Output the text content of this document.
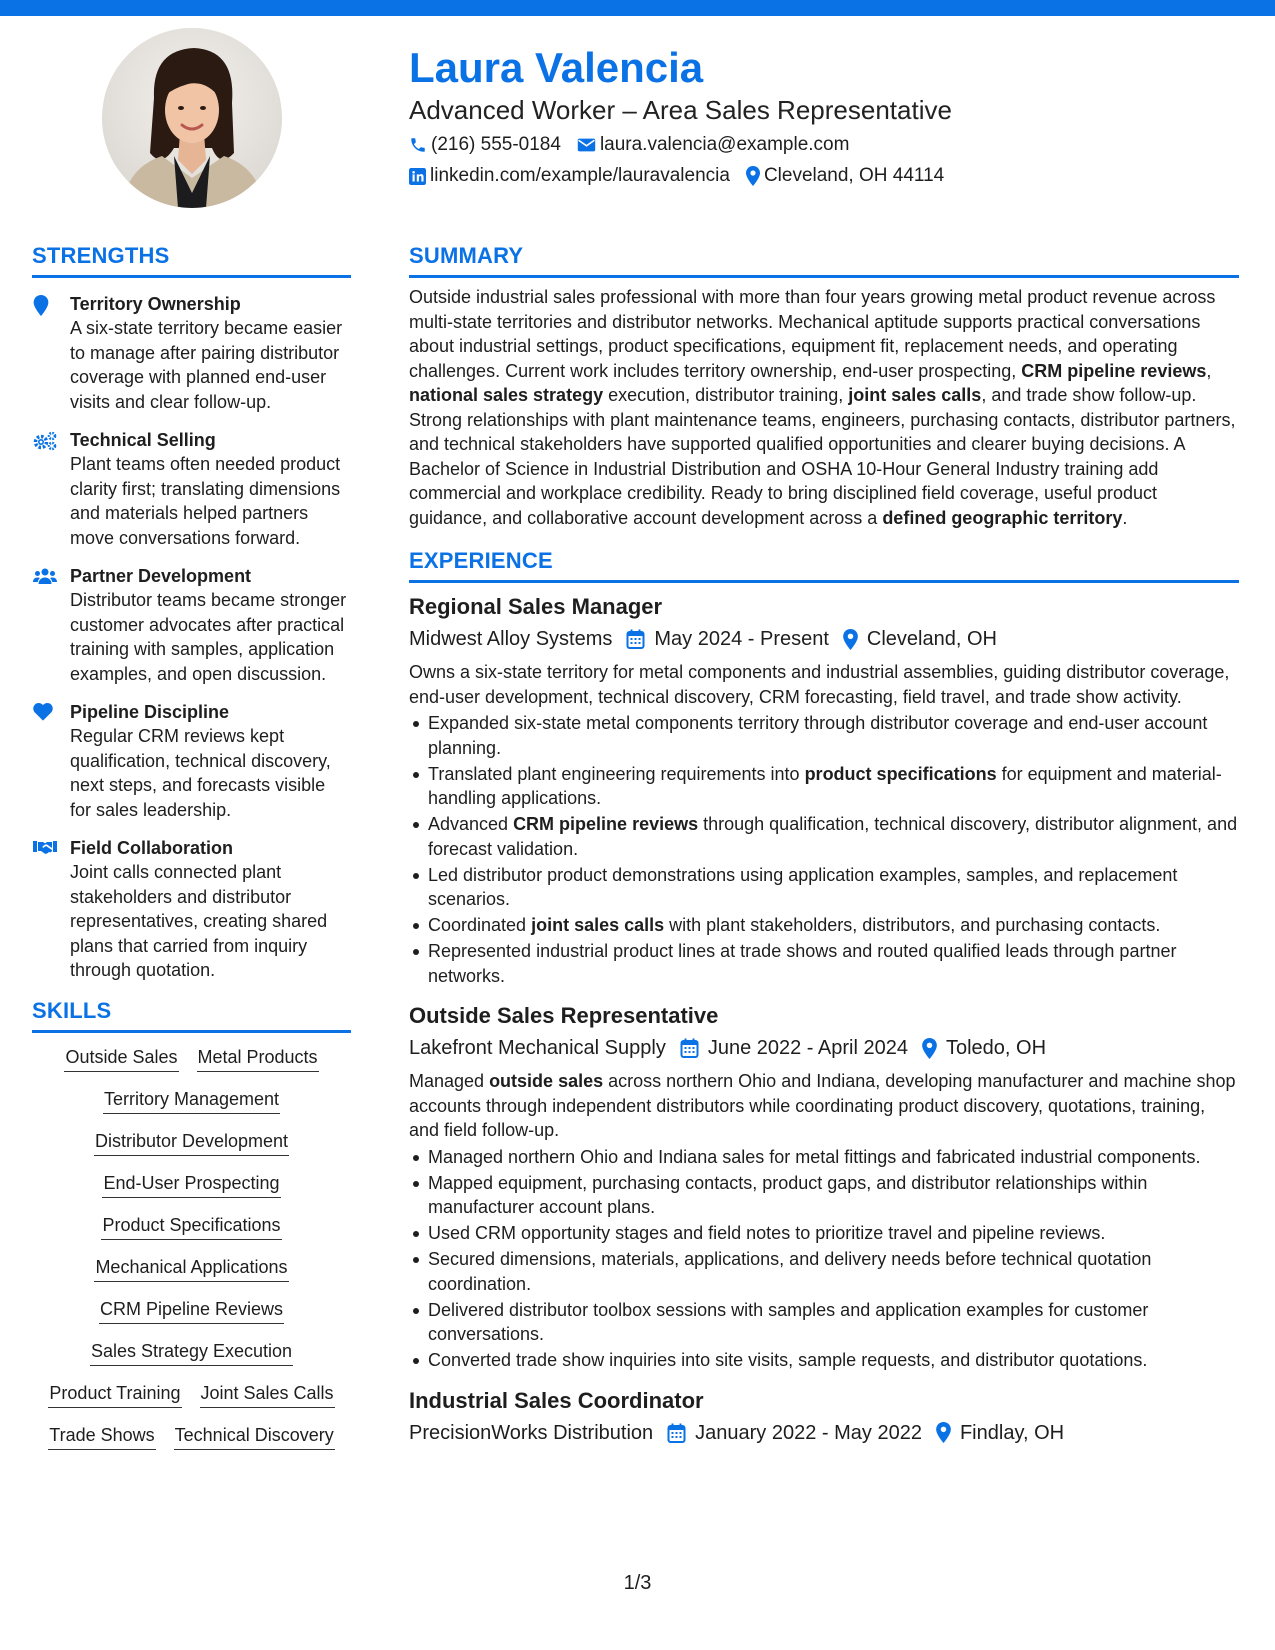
Laura Valencia
Advanced Worker – Area Sales Representative
(216) 555-0184 laura.valencia@example.com
linkedin.com/example/lauravalencia Cleveland, OH 44114
STRENGTHS
Territory Ownership
A six-state territory became easier to manage after pairing distributor coverage with planned end-user visits and clear follow-up.
Technical Selling
Plant teams often needed product clarity first; translating dimensions and materials helped partners move conversations forward.
Partner Development
Distributor teams became stronger customer advocates after practical training with samples, application examples, and open discussion.
Pipeline Discipline
Regular CRM reviews kept qualification, technical discovery, next steps, and forecasts visible for sales leadership.
Field Collaboration
Joint calls connected plant stakeholders and distributor representatives, creating shared plans that carried from inquiry through quotation.
SKILLS
Outside Sales Metal Products
Territory Management
Distributor Development
End-User Prospecting
Product Specifications
Mechanical Applications
CRM Pipeline Reviews
Sales Strategy Execution
Product Training Joint Sales Calls
Trade Shows Technical Discovery
SUMMARY
Outside industrial sales professional with more than four years growing metal product revenue across multi-state territories and distributor networks. Mechanical aptitude supports practical conversations about industrial settings, product specifications, equipment fit, replacement needs, and operating challenges. Current work includes territory ownership, end-user prospecting, CRM pipeline reviews, national sales strategy execution, distributor training, joint sales calls, and trade show follow-up. Strong relationships with plant maintenance teams, engineers, purchasing contacts, distributor partners, and technical stakeholders have supported qualified opportunities and clearer buying decisions. A Bachelor of Science in Industrial Distribution and OSHA 10-Hour General Industry training add commercial and workplace credibility. Ready to bring disciplined field coverage, useful product guidance, and collaborative account development across a defined geographic territory.
EXPERIENCE
Regional Sales Manager
Midwest Alloy Systems May 2024 - Present Cleveland, OH
Owns a six-state territory for metal components and industrial assemblies, guiding distributor coverage, end-user development, technical discovery, CRM forecasting, field travel, and trade show activity.
Expanded six-state metal components territory through distributor coverage and end-user account planning.
Translated plant engineering requirements into product specifications for equipment and material-handling applications.
Advanced CRM pipeline reviews through qualification, technical discovery, distributor alignment, and forecast validation.
Led distributor product demonstrations using application examples, samples, and replacement scenarios.
Coordinated joint sales calls with plant stakeholders, distributors, and purchasing contacts.
Represented industrial product lines at trade shows and routed qualified leads through partner networks.
Outside Sales Representative
Lakefront Mechanical Supply June 2022 - April 2024 Toledo, OH
Managed outside sales across northern Ohio and Indiana, developing manufacturer and machine shop accounts through independent distributors while coordinating product discovery, quotations, training, and field follow-up.
Managed northern Ohio and Indiana sales for metal fittings and fabricated industrial components.
Mapped equipment, purchasing contacts, product gaps, and distributor relationships within manufacturer account plans.
Used CRM opportunity stages and field notes to prioritize travel and pipeline reviews.
Secured dimensions, materials, applications, and delivery needs before technical quotation coordination.
Delivered distributor toolbox sessions with samples and application examples for customer conversations.
Converted trade show inquiries into site visits, sample requests, and distributor quotations.
Industrial Sales Coordinator
PrecisionWorks Distribution January 2022 - May 2022 Findlay, OH
1/3
